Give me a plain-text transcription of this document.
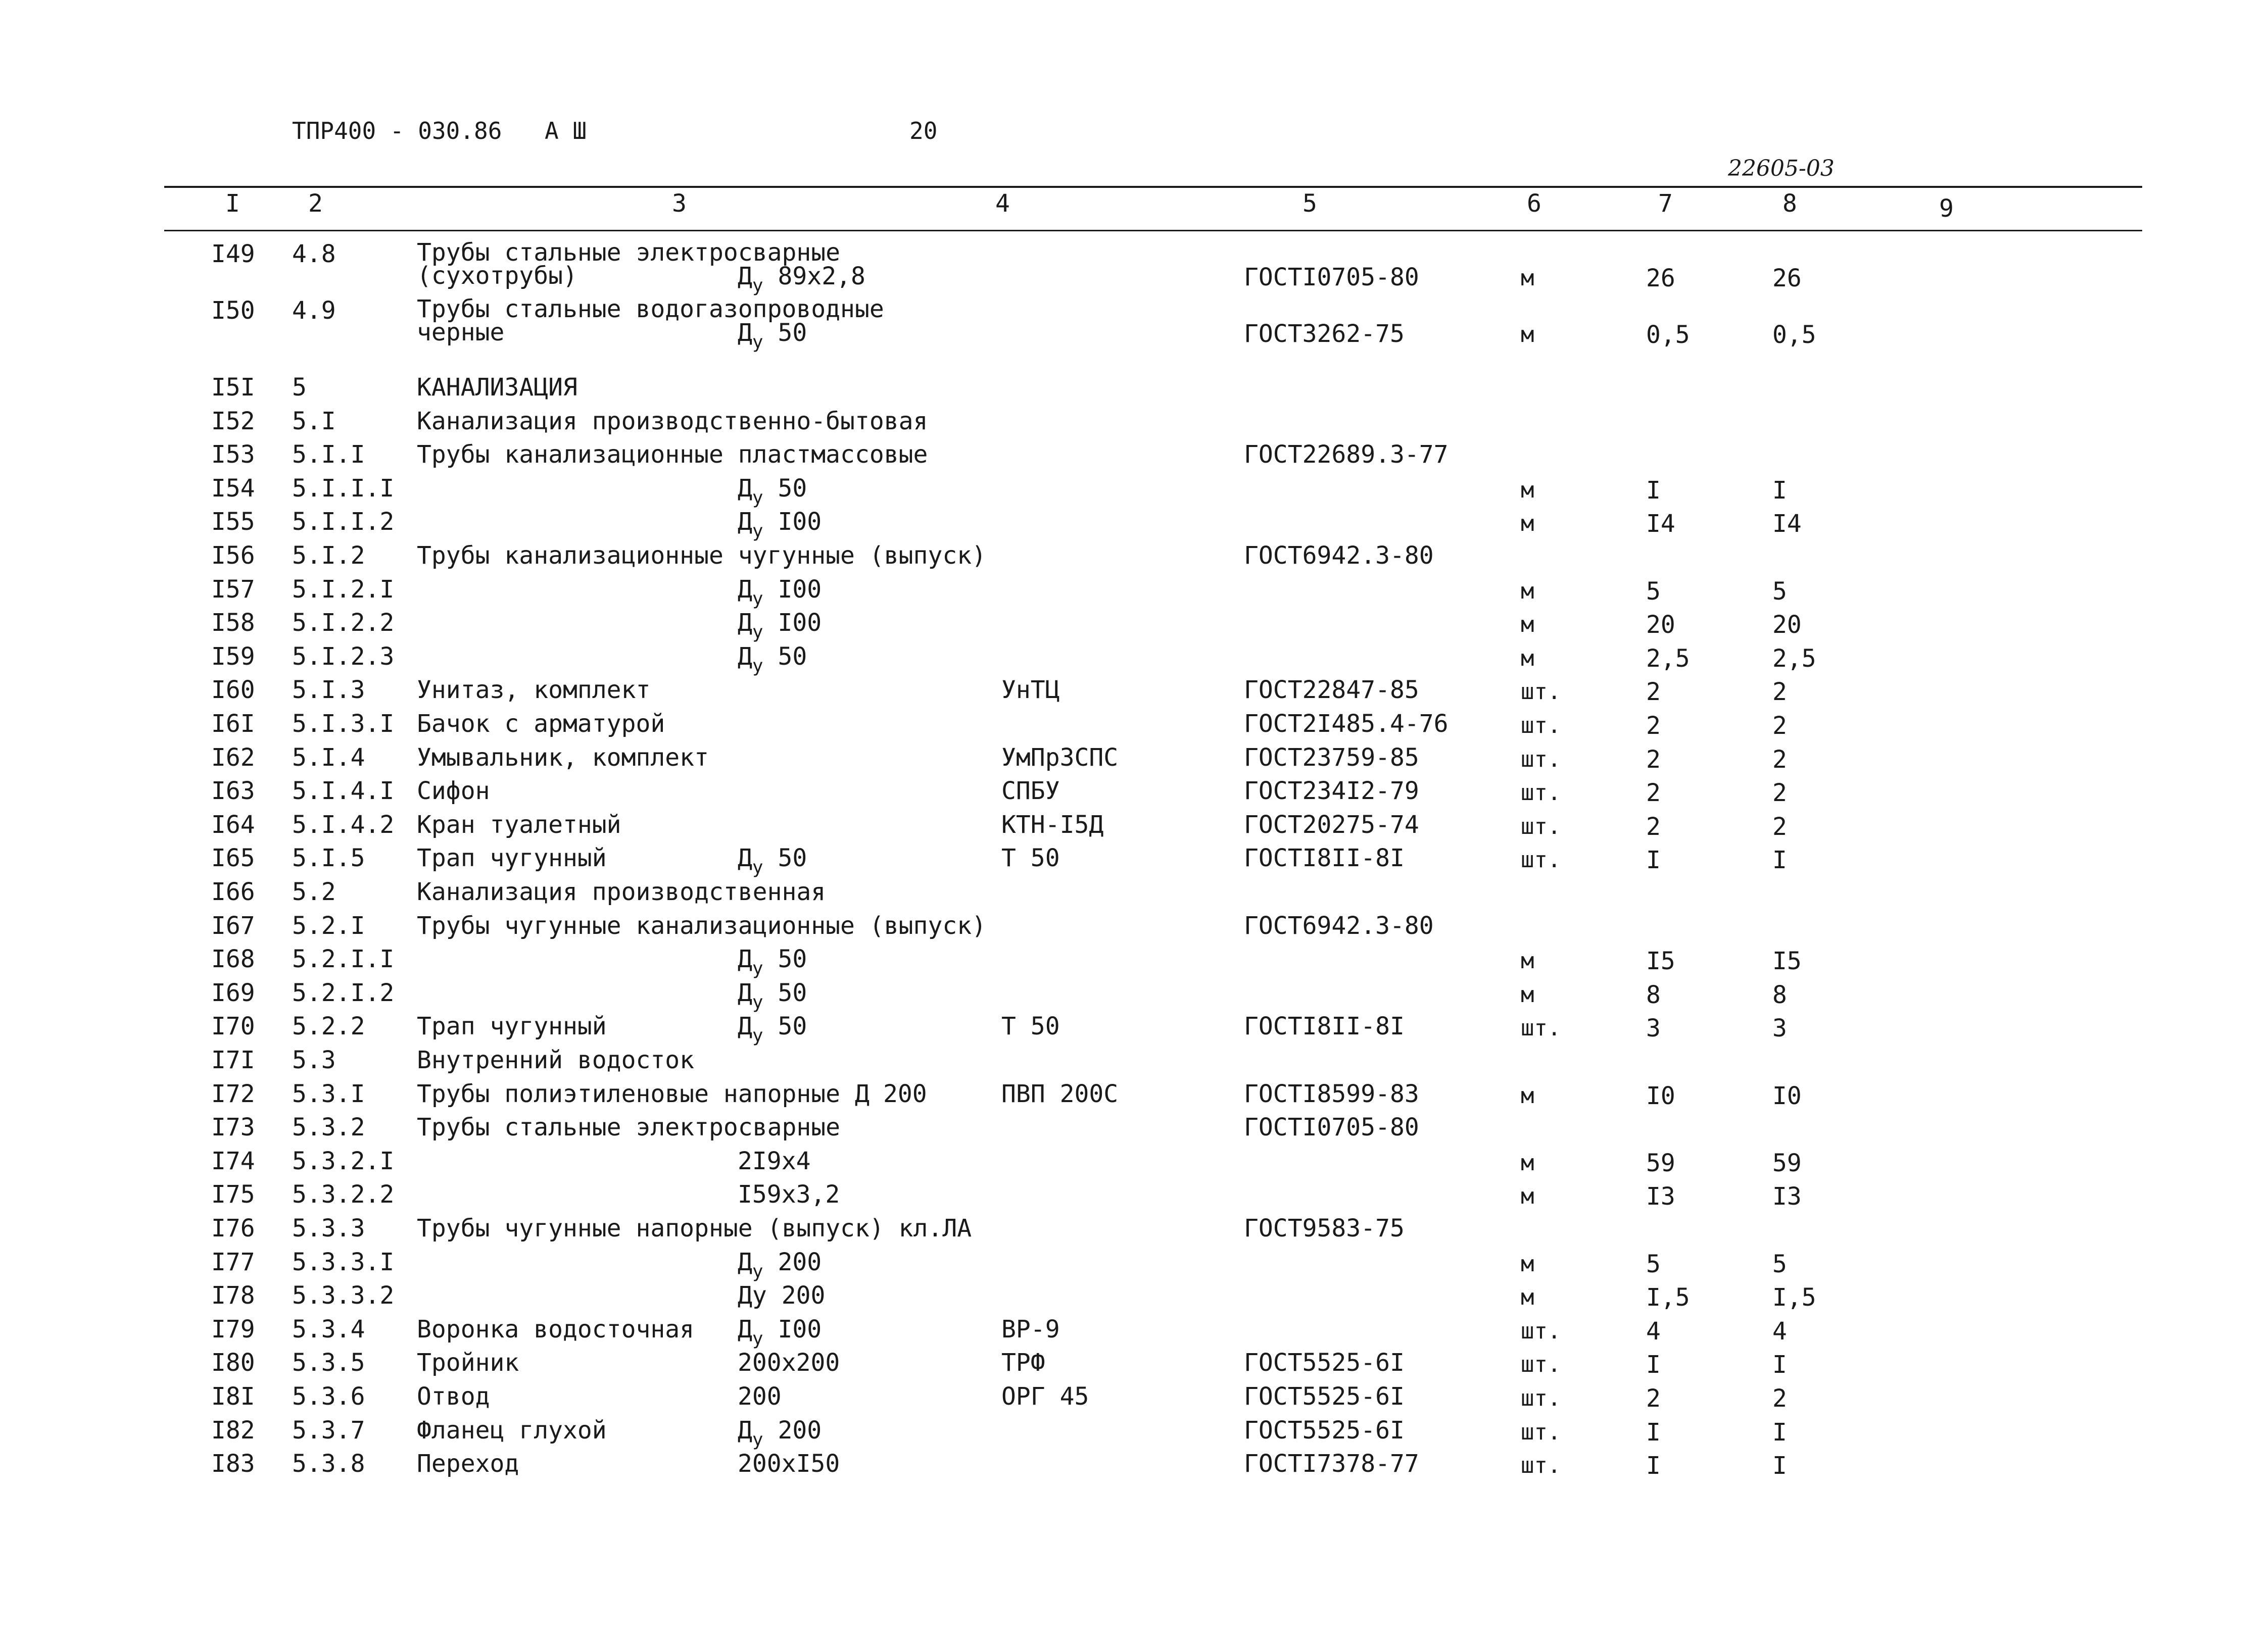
ТПР400 - 030.86 А Ш	20
22605-03
I	2	3	4	5	6	7	8	9
I49 4.8	Трубы стальные электросварные
(сухотрубы)	$Д_у$ 89х2,8	ГОСТI0705-80	м	26	26
I50 4.9	Трубы стальные водогазопроводные
черные	$Д_у$ 50	ГОСТ3262-75	м	0,5	0,5
I5I 5	КАНАЛИЗАЦИЯ
I52 5.I	Канализация производственно-бытовая
I53 5.I.I Трубы канализационные пластмассовые	ГОСТ22689.3-77
I54 5.I.I.I	$Д_у$ 50	м	I	I
I55 5.I.I.2	$Д_у$ I00	м	I4	I4
I56 5.I.2 Трубы канализационные чугунные (выпуск)	ГОСТ6942.3-80
I57 5.I.2.I	$Д_у$ I00	м	5	5
I58 5.I.2.2	$Д_у$ I00	м	20	20
I59 5.I.2.3	$Д_у$ 50	м	2,5	2,5
I60 5.I.3 Унитаз, комплект	УнТЦ	ГОСТ22847-85	шт.	2	2
I6I 5.I.3.I Бачок с арматурой	ГОСТ2I485.4-76	шт.	2	2
I62 5.I.4 Умывальник, комплект	УмПрЗСПС	ГОСТ23759-85	шт.	2	2
I63 5.I.4.I Сифон	СПБУ	ГОСТ234I2-79	шт.	2	2
I64 5.I.4.2 Кран туалетный	КТН-I5Д	ГОСТ20275-74	шт.	2	2
I65 5.I.5 Трап чугунный	$Д_у$ 50	Т 50	ГОСТI8II-8I	шт.	I	I
I66 5.2	Канализация производственная
I67 5.2.I Трубы чугунные канализационные (выпуск)	ГОСТ6942.3-80
I68 5.2.I.I	$Д_у$ 50	м	I5	I5
I69 5.2.I.2	$Д_у$ 50	м	8	8
I70 5.2.2 Трап чугунный	$Д_у$ 50	Т 50	ГОСТI8II-8I	шт.	3	3
I7I 5.3	Внутренний водосток
I72 5.3.I Трубы полиэтиленовые напорные Д 200	ПВП 200С	ГОСТI8599-83	м	I0	I0
I73 5.3.2 Трубы стальные электросварные	ГОСТI0705-80
I74 5.3.2.I	2I9х4	м	59	59
I75 5.3.2.2	I59х3,2	м	I3	I3
I76 5.3.3 Трубы чугунные напорные (выпуск) кл.ЛА	ГОСТ9583-75
I77 5.3.3.I	$Д_у$ 200	м	5	5
I78 5.3.3.2	Ду 200	м	I,5	I,5
I79 5.3.4 Воронка водосточная $Д_у$ I00	ВР-9	шт.	4	4
I80 5.3.5 Тройник	200х200	ТРФ	ГОСТ5525-6I	шт.	I	I
I8I 5.3.6 Отвод	200	ОРГ 45	ГОСТ5525-6I	шт.	2	2
I82 5.3.7 Фланец глухой	$Д_у$ 200	ГОСТ5525-6I	шт.	I	I
I83 5.3.8 Переход	200хI50	ГОСТI7378-77	шт.	I	I
